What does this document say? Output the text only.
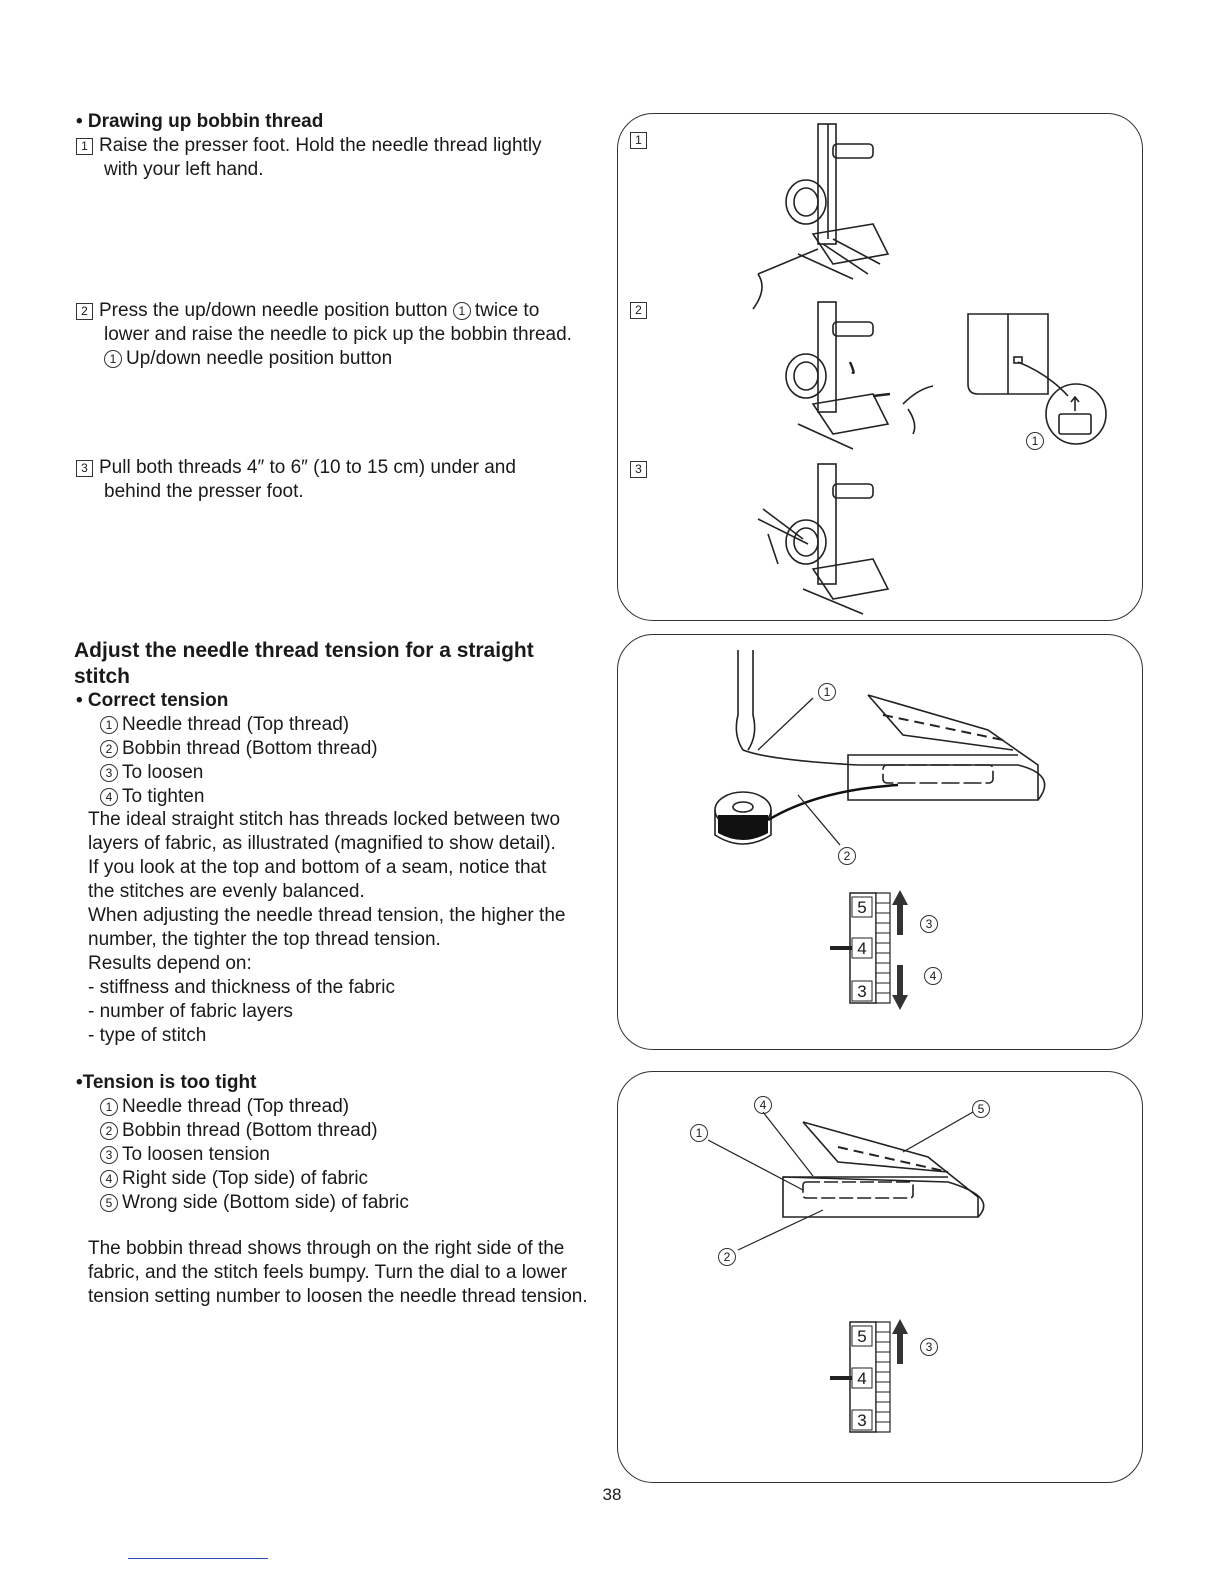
• Drawing up bobbin thread
1 Raise the presser foot. Hold the needle thread lightly
with your left hand.
2 Press the up/down needle position button 1 twice to
lower and raise the needle to pick up the bobbin thread.
1 Up/down needle position button
3 Pull both threads 4″ to 6″ (10 to 15 cm) under and
behind the presser foot.
Adjust the needle thread tension for a straight
stitch
• Correct tension
1 Needle thread (Top thread)
2 Bobbin thread (Bottom thread)
3 To loosen
4 To tighten
The ideal straight stitch has threads locked between two
layers of fabric, as illustrated (magnified to show detail).
If you look at the top and bottom of a seam, notice that
the stitches are evenly balanced.
When adjusting the needle thread tension, the higher the
number, the tighter the top thread tension.
Results depend on:
- stiffness and thickness of the fabric
- number of fabric layers
- type of stitch
•Tension is too tight
1 Needle thread (Top thread)
2 Bobbin thread (Bottom thread)
3 To loosen tension
4 Right side (Top side) of fabric
5 Wrong side (Bottom side) of fabric
The bobbin thread shows through on the right side of the
fabric, and the stitch feels bumpy. Turn the dial to a lower
tension setting number to loosen the needle thread tension.
1
2
3
1
1
2
3
4
5
4
3
1
2
3
4	5
5
4
3
38
